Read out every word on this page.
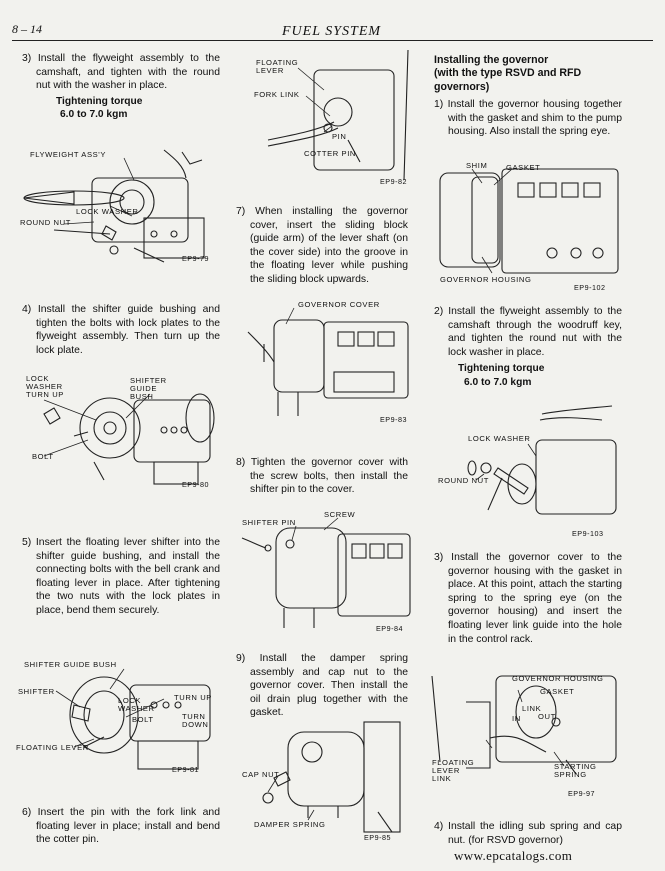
8 – 14	FUEL SYSTEM

3) Install the flyweight assembly to the camshaft, and tighten with the round nut with the washer in place.

Tightening torque

6.0 to 7.0 kgm

FLYWEIGHT ASS'Y
LOCK WASHER
ROUND NUT
EP9-79

4) Install the shifter guide bushing and tighten the bolts with lock plates to the flyweight assembly. Then turn up the lock plate.

LOCK
WASHER
TURN UP
SHIFTER
GUIDE
BUSH
BOLT
EP9-80

5) Insert the floating lever shifter into the shifter guide bushing, and install the connecting bolts with the bell crank and floating lever in place. After tightening the two nuts with the lock plates in place, bend them securely.

SHIFTER GUIDE BUSH
SHIFTER
LOCK
WASHER
TURN UP
BOLT	TURN
DOWN
FLOATING LEVER
EP9-81

6) Insert the pin with the fork link and floating lever in place; install and bend the cotter pin.

FLOATING
LEVER
FORK LINK
PIN
COTTER PIN
EP9-82

7) When installing the governor cover, insert the sliding block (guide arm) of the lever shaft (on the cover side) into the groove in the floating lever while pushing the sliding block upwards.

GOVERNOR COVER
EP9-83

8) Tighten the governor cover with the screw bolts, then install the shifter pin to the cover.

SCREW
SHIFTER PIN
EP9-84

9) Install the damper spring assembly and cap nut to the governor cover. Then install the oil drain plug together with the gasket.

CAP NUT
DAMPER SPRING
EP9-85
Installing the governor
(with the type RSVD and RFD
governors)

1) Install the governor housing together with the gasket and shim to the pump housing. Also install the spring eye.

SHIM GASKET
GOVERNOR HOUSING
EP9-102

2) Install the flyweight assembly to the camshaft through the woodruff key, and tighten the round nut with the lock washer in place.

Tightening torque

6.0 to 7.0 kgm

LOCK WASHER
ROUND NUT
EP9-103

3) Install the governor cover to the governor housing with the gasket in place. At this point, attach the starting spring to the spring eye (on the governor housing) and insert the floating lever link guide into the hole in the control rack.

GOVERNOR HOUSING
GASKET
LINK
IN OUT
FLOATING
LEVER
LINK
STARTING
SPRING
EP9-97

4) Install the idling sub spring and cap nut. (for RSVD governor)

www.epcatalogs.com
